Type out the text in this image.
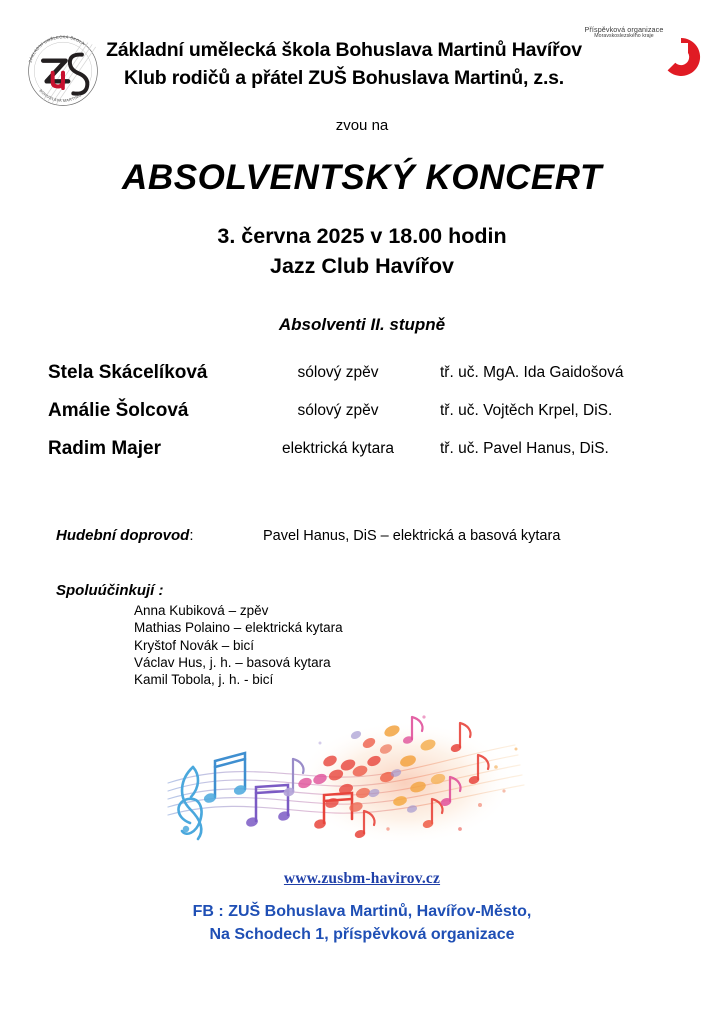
ZÁKLADNÍ UMĚLECKÁ ŠKOLA
BOHUSLAVA MARTINŮ
Základní umělecká škola Bohuslava Martinů Havířov
Klub rodičů a přátel ZUŠ Bohuslava Martinů, z.s.
Příspěvková organizace
Moravskoslezského kraje
zvou na
ABSOLVENTSKÝ KONCERT
3. června 2025 v 18.00 hodin
Jazz Club Havířov
Absolventi II. stupně
Stela Skácelíková	sólový zpěv	tř. uč. MgA. Ida Gaidošová
Amálie Šolcová	sólový zpěv	tř. uč. Vojtěch Krpel, DiS.
Radim Majer	elektrická kytara	tř. uč. Pavel Hanus, DiS.
Hudební doprovod:	Pavel Hanus, DiS – elektrická a basová kytara
Spoluúčinkují :
Anna Kubiková – zpěv
Mathias Polaino – elektrická kytara
Kryštof Novák – bicí
Václav Hus, j. h. – basová kytara
Kamil Tobola, j. h. - bicí
www.zusbm-havirov.cz
FB : ZUŠ Bohuslava Martinů, Havířov-Město,
Na Schodech 1, příspěvková organizace
